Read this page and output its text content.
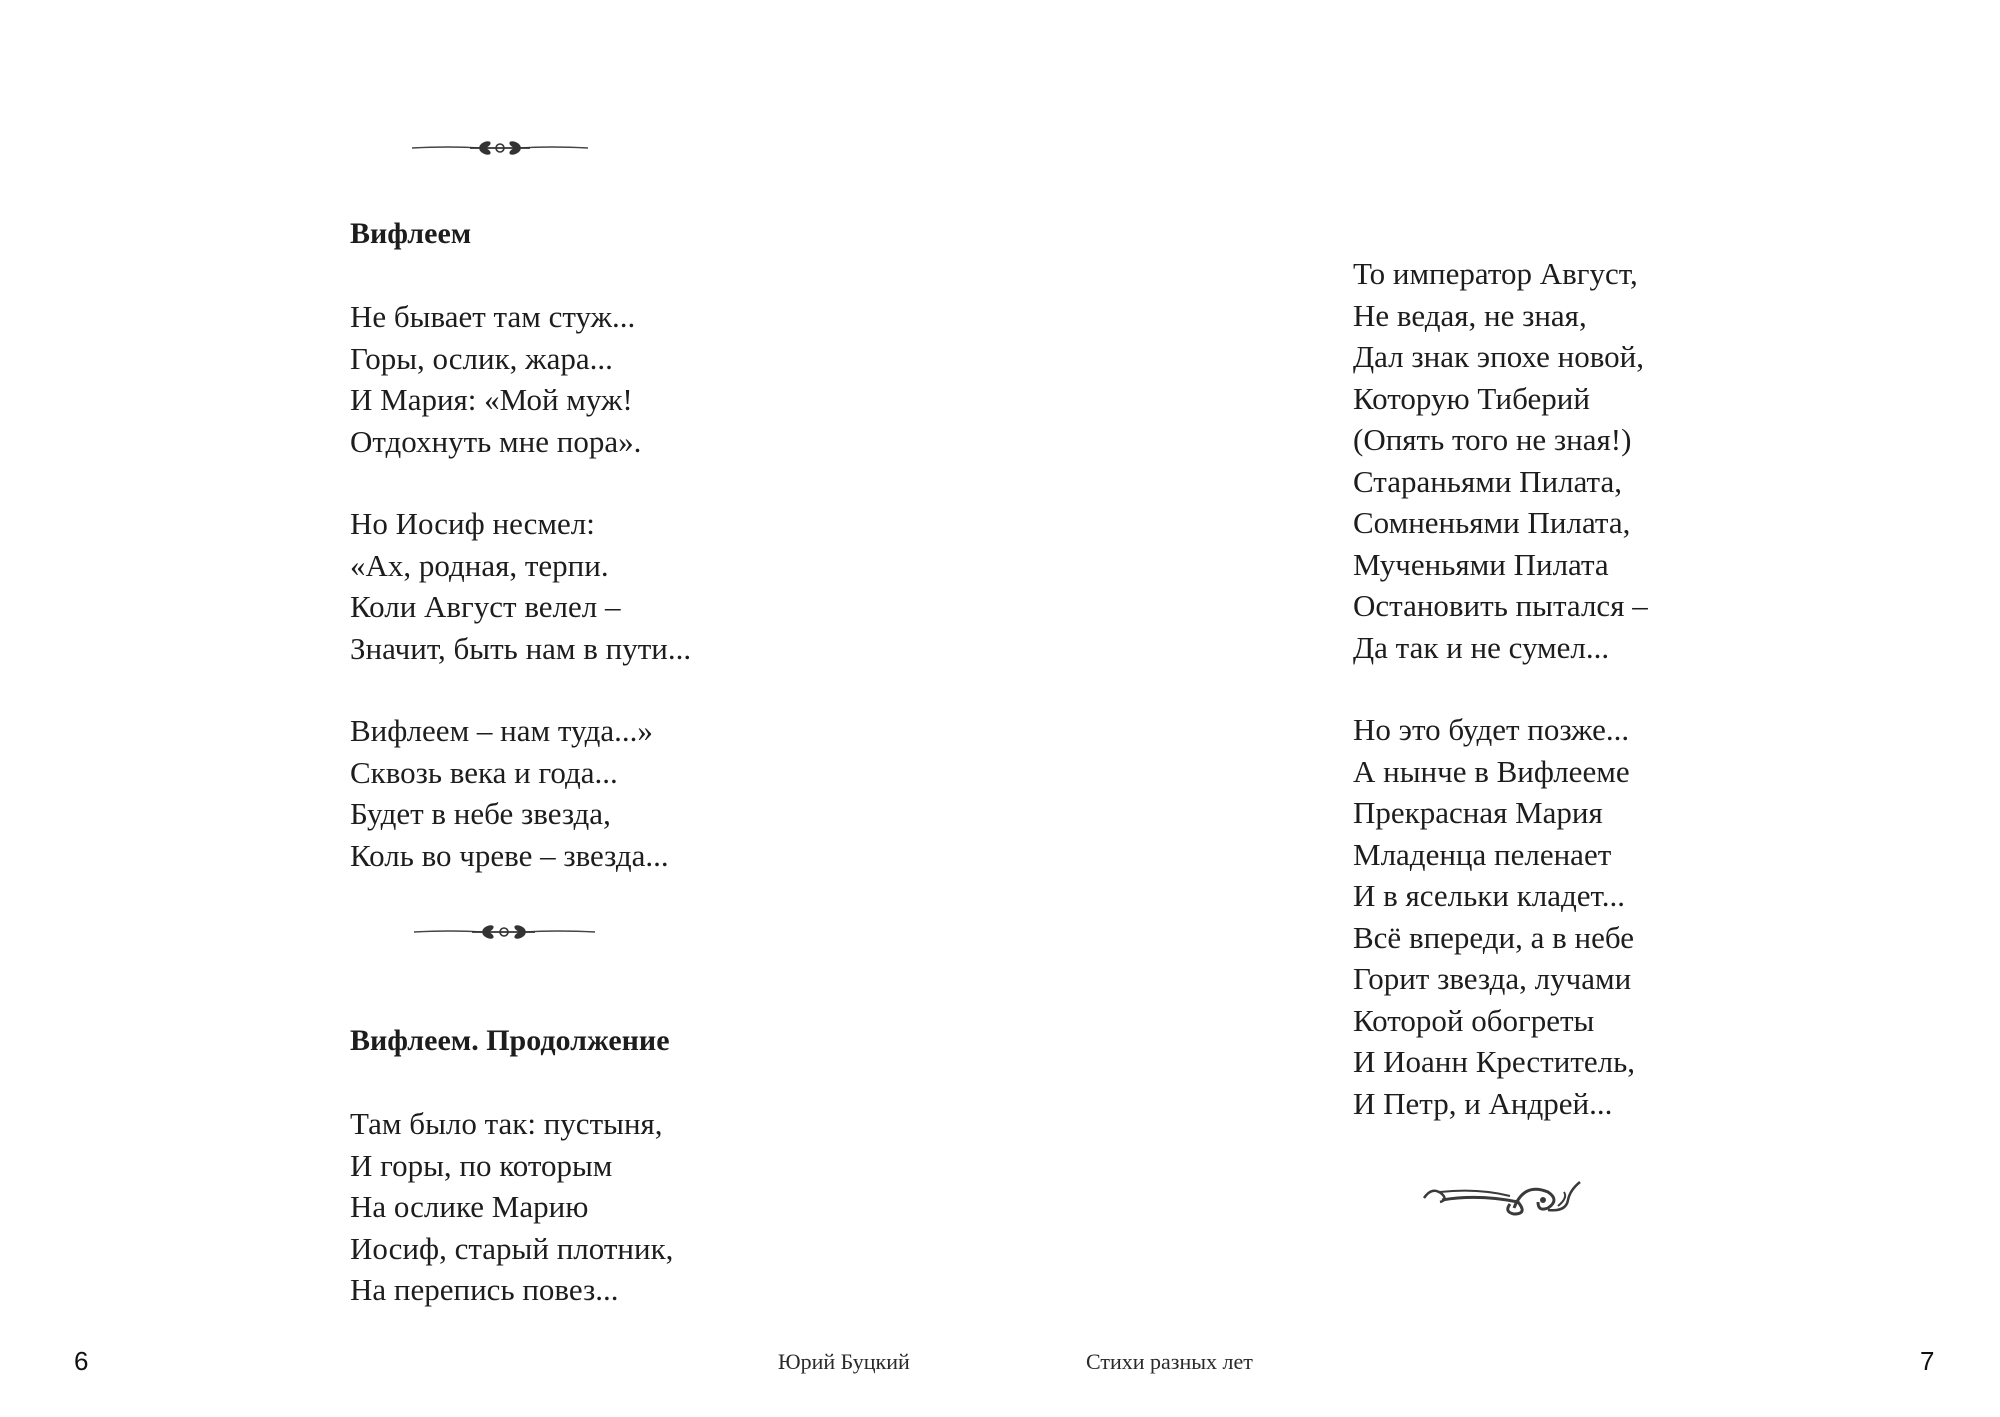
Вифлеем

Не бывает там стуж...
Горы, ослик, жара...
И Мария: «Мой муж!
Отдохнуть мне пора».
Но Иосиф несмел:
«Ах, родная, терпи.
Коли Август велел –
Значит, быть нам в пути...
Вифлеем – нам туда...»
Сквозь века и года...
Будет в небе звезда,
Коль во чреве – звезда...

Вифлеем. Продолжение

Там было так: пустыня,
И горы, по которым
На ослике Марию
Иосиф, старый плотник,
На перепись повез...
6	Юрий Буцкий
То император Август,
Не ведая, не зная,
Дал знак эпохе новой,
Которую Тиберий
(Опять того не зная!)
Стараньями Пилата,
Сомненьями Пилата,
Мученьями Пилата
Остановить пытался –
Да так и не сумел...
Но это будет позже...
А нынче в Вифлееме
Прекрасная Мария
Младенца пеленает
И в ясельки кладет...
Всё впереди, а в небе
Горит звезда, лучами
Которой обогреты
И Иоанн Креститель,
И Петр, и Андрей...
Стихи разных лет	7
